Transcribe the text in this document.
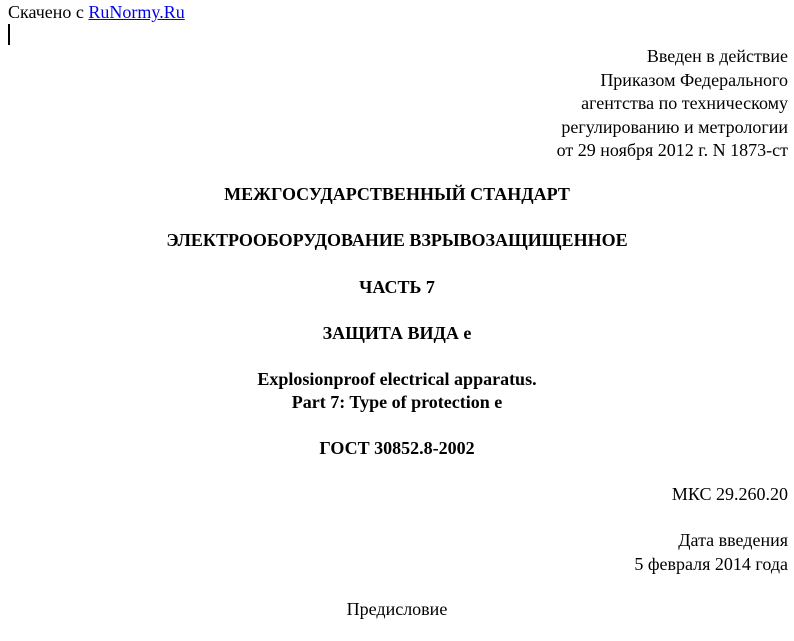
Скачено с RuNormy.Ru
Введен в действие
Приказом Федерального
агентства по техническому
регулированию и метрологии
от 29 ноября 2012 г. N 1873-ст
МЕЖГОСУДАРСТВЕННЫЙ СТАНДАРТ
ЭЛЕКТРООБОРУДОВАНИЕ ВЗРЫВОЗАЩИЩЕННОЕ
ЧАСТЬ 7
ЗАЩИТА ВИДА e
Explosionproof electrical apparatus.
Part 7: Type of protection e
ГОСТ 30852.8-2002
МКС 29.260.20
Дата введения
5 февраля 2014 года
Предисловие
